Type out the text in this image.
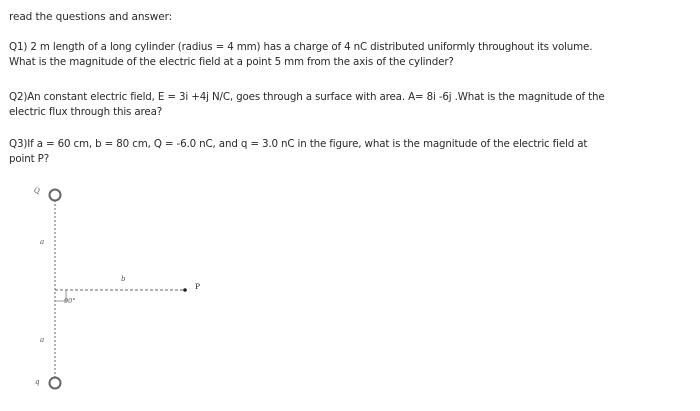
read the questions and answer:
Q1) 2 m length of a long cylinder (radius = 4 mm) has a charge of 4 nC distributed uniformly throughout its volume.
What is the magnitude of the electric field at a point 5 mm from the axis of the cylinder?
Q2)An constant electric field, E = 3i +4j N/C, goes through a surface with area. A= 8i -6j .What is the magnitude of the
electric flux through this area?
Q3)If a = 60 cm, b = 80 cm, Q = -6.0 nC, and q = 3.0 nC in the figure, what is the magnitude of the electric field at
point P?
Q
a
a
q
b
P
90°
